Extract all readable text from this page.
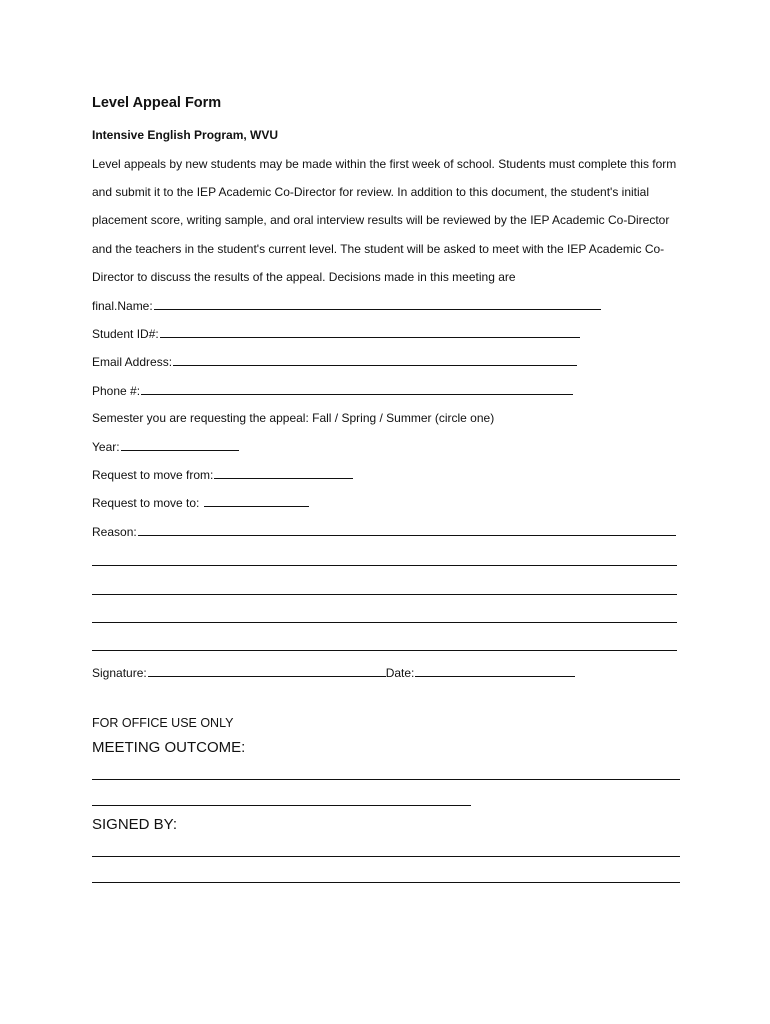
Level Appeal Form
Intensive English Program, WVU
Level appeals by new students may be made within the first week of school. Students must complete this form
and submit it to the IEP Academic Co-Director for review. In addition to this document, the student's initial
placement score, writing sample, and oral interview results will be reviewed by the IEP Academic Co-Director
and the teachers in the student's current level. The student will be asked to meet with the IEP Academic Co-
Director to discuss the results of the appeal. Decisions made in this meeting are
final.Name:
Student ID#:
Email Address:
Phone #:
Semester you are requesting the appeal: Fall / Spring / Summer (circle one)
Year:
Request to move from:
Request to move to:
Reason:
Signature:	Date:
FOR OFFICE USE ONLY
MEETING OUTCOME:
SIGNED BY:
